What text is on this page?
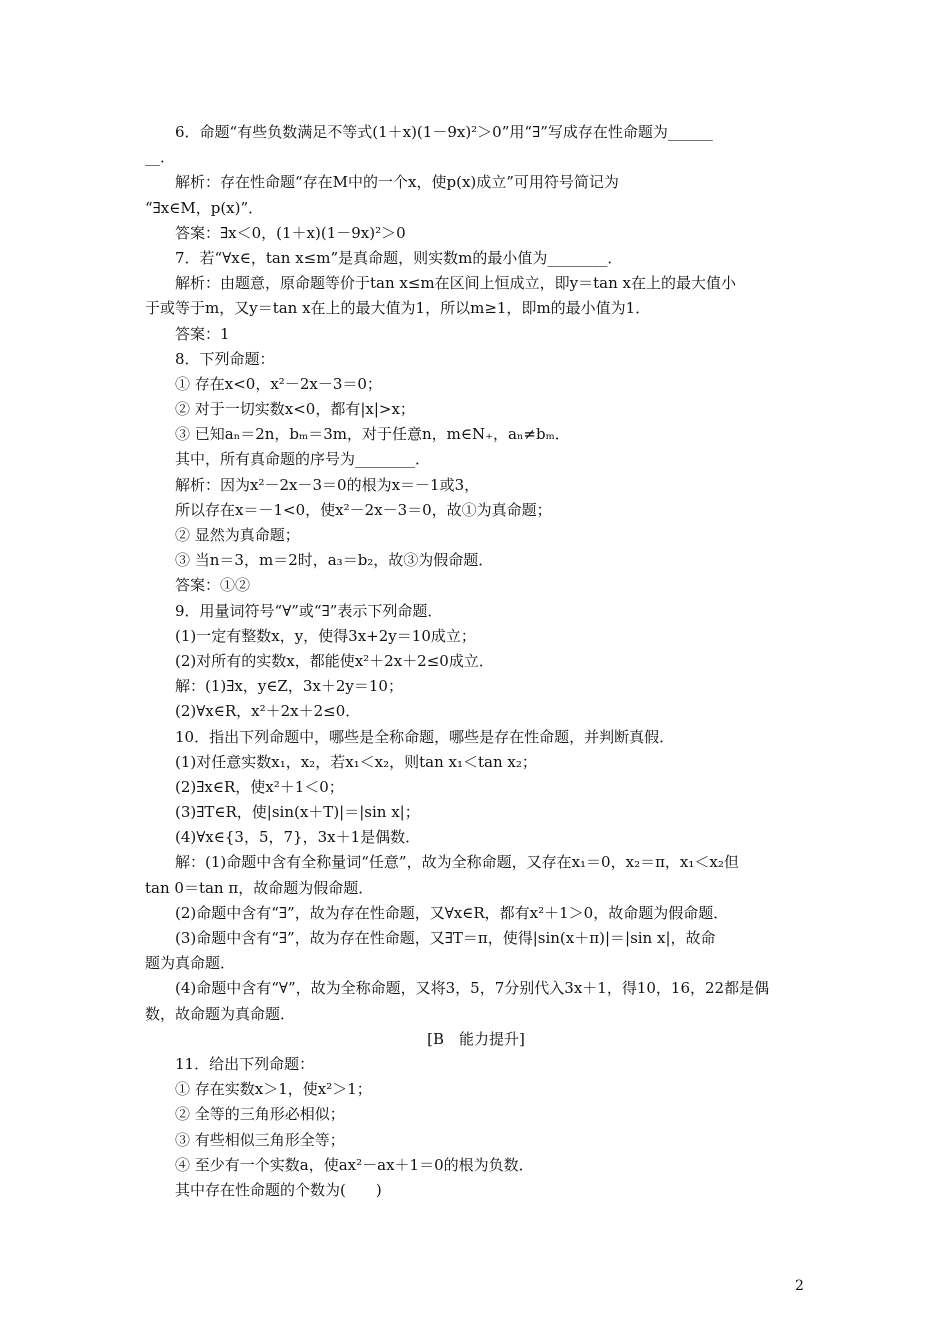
6．命题“有些负数满足不等式(1＋x)(1－9x)²＞0”用“∃”写成存在性命题为______
__．
解析：存在性命题“存在M中的一个x，使p(x)成立”可用符号简记为
“∃x∈M，p(x)”．
答案：∃x＜0，(1＋x)(1－9x)²＞0
7．若“∀x∈，tan x≤m”是真命题，则实数m的最小值为________．
解析：由题意，原命题等价于tan x≤m在区间上恒成立，即y＝tan x在上的最大值小
于或等于m，又y＝tan x在上的最大值为1，所以m≥1，即m的最小值为1．
答案：1
8．下列命题：
① 存在x<0，x²－2x－3＝0；
② 对于一切实数x<0，都有|x|>x；
③ 已知aₙ＝2n，bₘ＝3m，对于任意n，m∈N₊，aₙ≠bₘ．
其中，所有真命题的序号为________．
解析：因为x²－2x－3＝0的根为x＝－1或3，
所以存在x＝－1<0，使x²－2x－3＝0，故①为真命题；
② 显然为真命题；
③ 当n＝3，m＝2时，a₃＝b₂，故③为假命题．
答案：①②
9．用量词符号“∀”或“∃”表示下列命题．
(1)一定有整数x，y，使得3x+2y＝10成立；
(2)对所有的实数x，都能使x²＋2x＋2≤0成立．
解：(1)∃x，y∈Z，3x＋2y＝10；
(2)∀x∈R，x²＋2x＋2≤0．
10．指出下列命题中，哪些是全称命题，哪些是存在性命题，并判断真假．
(1)对任意实数x₁，x₂，若x₁＜x₂，则tan x₁＜tan x₂；
(2)∃x∈R，使x²＋1＜0；
(3)∃T∈R，使|sin(x＋T)|＝|sin x|；
(4)∀x∈{3，5，7}，3x＋1是偶数．
解：(1)命题中含有全称量词“任意”，故为全称命题，又存在x₁＝0，x₂＝π，x₁＜x₂但
tan 0＝tan π，故命题为假命题．
(2)命题中含有“∃”，故为存在性命题，又∀x∈R，都有x²＋1＞0，故命题为假命题．
(3)命题中含有“∃”，故为存在性命题，又∃T＝π，使得|sin(x＋π)|＝|sin x|，故命
题为真命题．
(4)命题中含有“∀”，故为全称命题，又将3，5，7分别代入3x＋1，得10，16，22都是偶
数，故命题为真命题．
[B　能力提升]
11．给出下列命题：
① 存在实数x＞1，使x²＞1；
② 全等的三角形必相似；
③ 有些相似三角形全等；
④ 至少有一个实数a，使ax²－ax＋1＝0的根为负数．
其中存在性命题的个数为(　　)
2
